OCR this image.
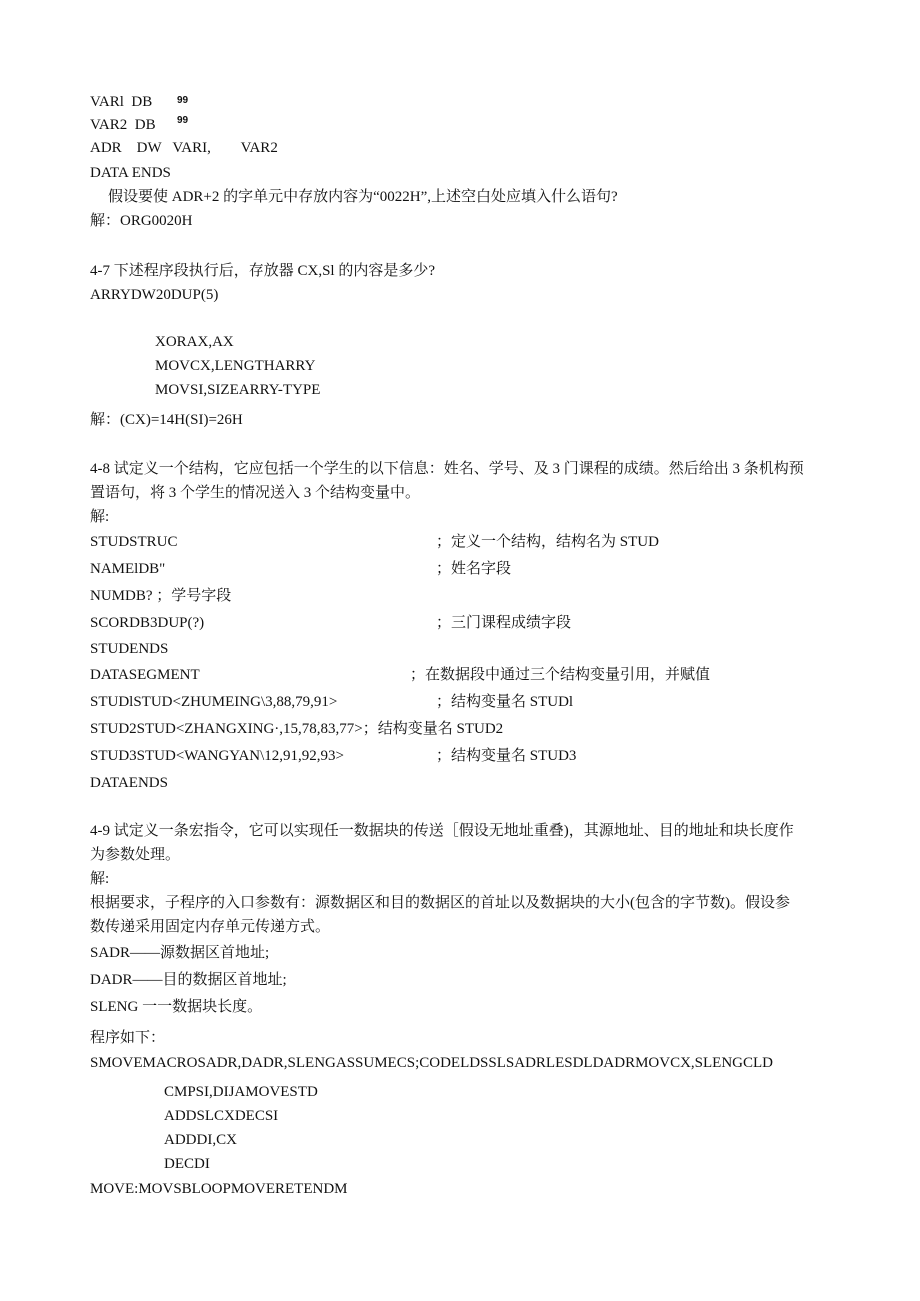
VARl  DB 99
VAR2  DB 99
ADR    DW   VARI,        VAR2
DATA ENDS
假设要使 ADR+2 的字单元中存放内容为“0022H”,上述空白处应填入什么语句?
解：ORG0020H
4-7 下述程序段执行后，存放器 CX,Sl 的内容是多少?
ARRYDW20DUP(5)
XORAX,AX
MOVCX,LENGTHARRY
MOVSI,SIZEARRY-TYPE
解：(CX)=14H(SI)=26H
4-8 试定义一个结构，它应包括一个学生的以下信息：姓名、学号、及 3 门课程的成绩。然后给出 3 条机构预
置语句，将 3 个学生的情况送入 3 个结构变量中。
解:
STUDSTRUC	；定义一个结构，结构名为 STUD
NAMElDB"	；姓名字段
NUMDB? ；学号字段
SCORDB3DUP(?)	；三门课程成绩字段
STUDENDS
DATASEGMENT	；在数据段中通过三个结构变量引用，并赋值
STUDlSTUD<ZHUMEING\3,88,79,91>	；结构变量名 STUDl
STUD2STUD<ZHANGXING·,15,78,83,77>；结构变量名 STUD2
STUD3STUD<WANGYAN\12,91,92,93>	；结构变量名 STUD3
DATAENDS
4-9 试定义一条宏指令，它可以实现任一数据块的传送［假设无地址重叠)，其源地址、目的地址和块长度作
为参数处理。
解:
根据要求，子程序的入口参数有：源数据区和目的数据区的首址以及数据块的大小(包含的字节数)。假设参
数传递采用固定内存单元传递方式。
SADR——源数据区首地址;
DADR——目的数据区首地址;
SLENG 一一数据块长度。
程序如下：
SMOVEMACROSADR,DADR,SLENGASSUMECS;CODELDSSLSADRLESDLDADRMOVCX,SLENGCLD
CMPSI,DIJAMOVESTD
ADDSLCXDECSI
ADDDI,CX
DECDI
MOVE:MOVSBLOOPMOVERETENDM
